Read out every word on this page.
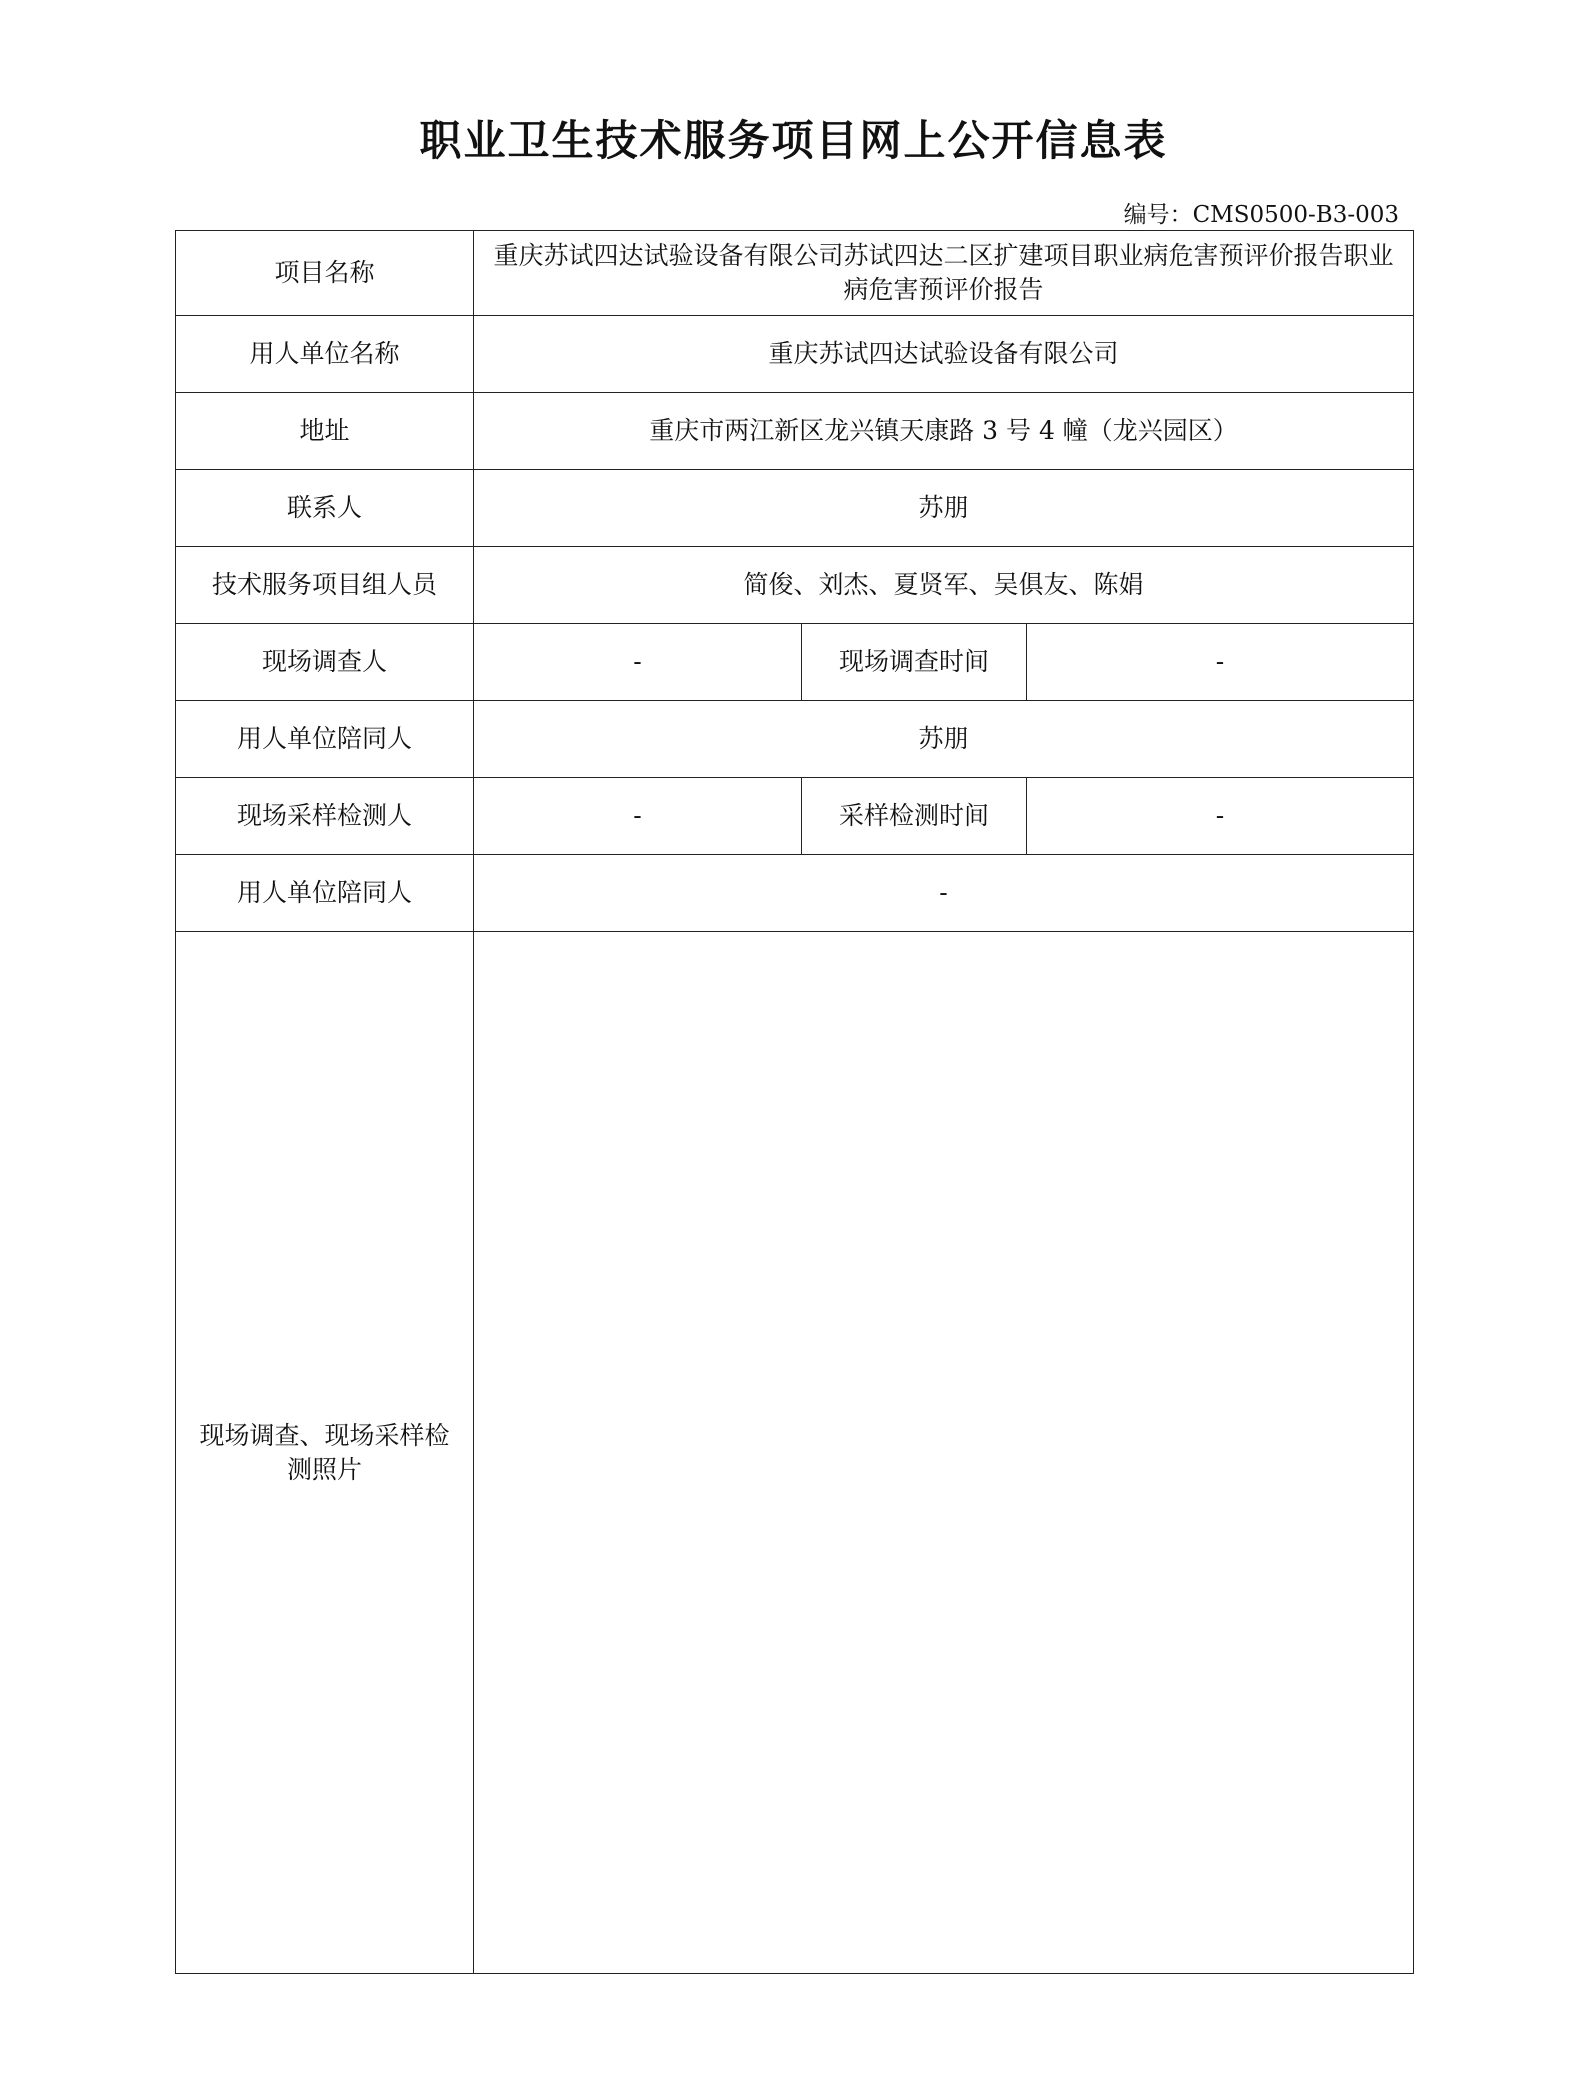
职业卫生技术服务项目网上公开信息表
编号：CMS0500-B3-003
项目名称	重庆苏试四达试验设备有限公司苏试四达二区扩建项目职业病危害预评价报告职业病危害预评价报告		
用人单位名称	重庆苏试四达试验设备有限公司		
地址	重庆市两江新区龙兴镇天康路 3 号 4 幢（龙兴园区）		
联系人	苏朋		
技术服务项目组人员	简俊、刘杰、夏贤军、吴俱友、陈娟		
现场调查人	-	现场调查时间	-
用人单位陪同人	苏朋		
现场采样检测人	-	采样检测时间	-
用人单位陪同人	-		

现场调查、现场采样检测照片			
